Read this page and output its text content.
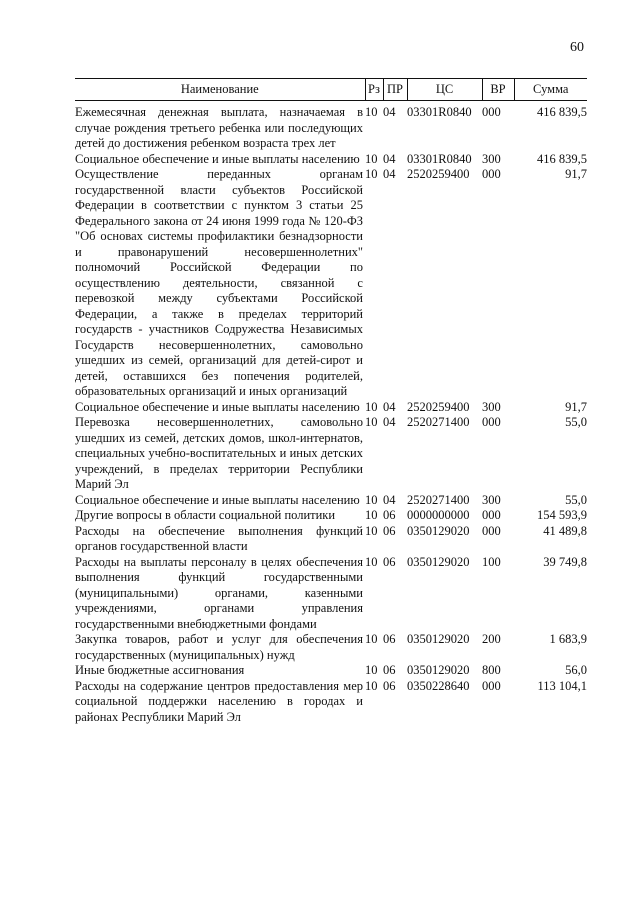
60
Наименование	Рз	ПР	ЦС	ВР	Сумма

Ежемесячная денежная выплата, назначаемая в случае рождения третьего ребенка или последующих детей до достижения ребенком возраста трех лет	10	04	03301R0840	000	416 839,5
Социальное обеспечение и иные выплаты населению	10	04	03301R0840	300	416 839,5
Осуществление переданных органам государственной власти субъектов Российской Федерации в соответствии с пунктом 3 статьи 25 Федерального закона от 24 июня 1999 года № 120-ФЗ "Об основах системы профилактики безнадзорности и правонарушений несовершеннолетних" полномочий Российской Федерации по осуществлению деятельности, связанной с перевозкой между субъектами Российской Федерации, а также в пределах территорий государств - участников Содружества Независимых Государств несовершеннолетних, самовольно ушедших из семей, организаций для детей-сирот и детей, оставшихся без попечения родителей, образовательных организаций и иных организаций	10	04	2520259400	000	91,7
Социальное обеспечение и иные выплаты населению	10	04	2520259400	300	91,7
Перевозка несовершеннолетних, самовольно ушедших из семей, детских домов, школ-интернатов, специальных учебно-воспитательных и иных детских учреждений, в пределах территории Республики Марий Эл	10	04	2520271400	000	55,0
Социальное обеспечение и иные выплаты населению	10	04	2520271400	300	55,0
Другие вопросы в области социальной политики	10	06	0000000000	000	154 593,9
Расходы на обеспечение выполнения функций органов государственной власти	10	06	0350129020	000	41 489,8
Расходы на выплаты персоналу в целях обеспечения выполнения функций государственными (муниципальными) органами, казенными учреждениями, органами управления государственными внебюджетными фондами	10	06	0350129020	100	39 749,8
Закупка товаров, работ и услуг для обеспечения государственных (муниципальных) нужд	10	06	0350129020	200	1 683,9
Иные бюджетные ассигнования	10	06	0350129020	800	56,0
Расходы на содержание центров предоставления мер социальной поддержки населению в городах и районах Республики Марий Эл	10	06	0350228640	000	113 104,1
